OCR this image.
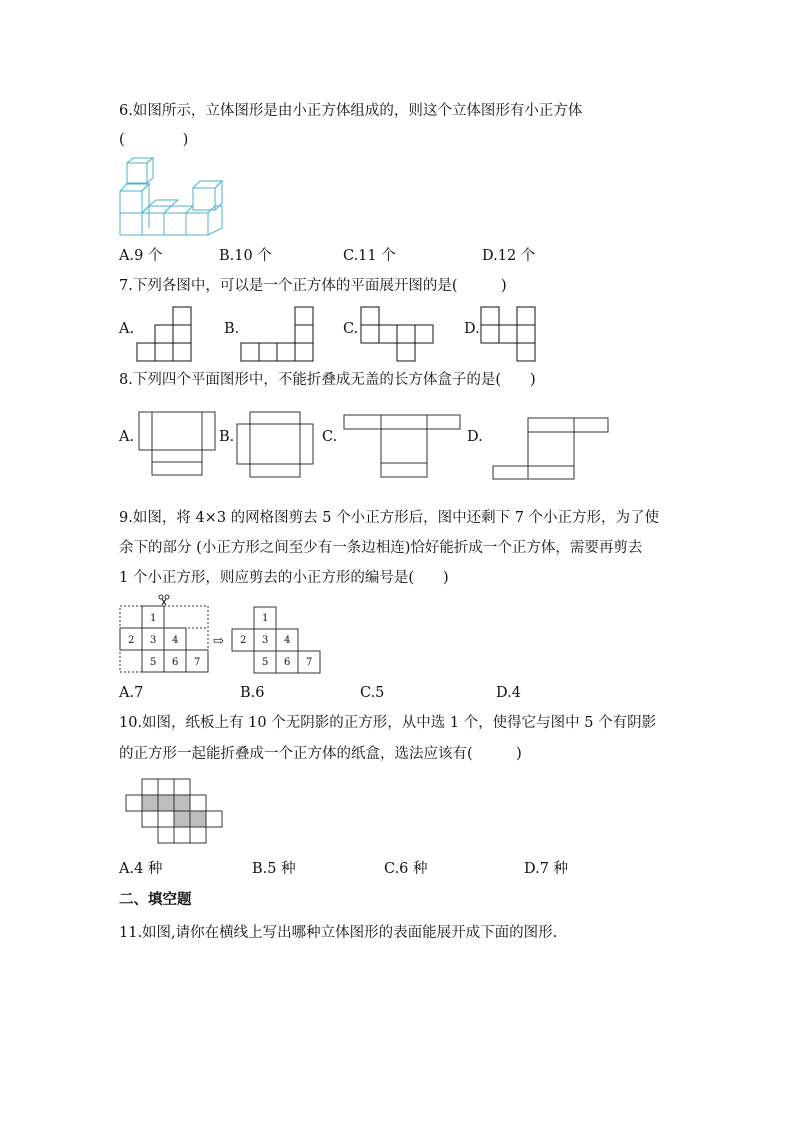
6.如图所示，立体图形是由小正方体组成的，则这个立体图形有小正方体
(　　　　)
A.9 个	B.10 个	C.11 个	D.12 个
7.下列各图中，可以是一个正方体的平面展开图的是(　　　)
A.	B.	C.	D.
8.下列四个平面图形中，不能折叠成无盖的长方体盒子的是(　　)
A.	B.	C.	D.
9.如图，将 4×3 的网格图剪去 5 个小正方形后，图中还剩下 7 个小正方形，为了使
余下的部分 (小正方形之间至少有一条边相连)恰好能折成一个正方体，需要再剪去
1 个小正方形，则应剪去的小正方形的编号是(　　)
1
2 3 4
5 6 7
⇨
1
2 3 4
5 6 7
A.7	B.6	C.5	D.4
10.如图，纸板上有 10 个无阴影的正方形，从中选 1 个，使得它与图中 5 个有阴影
的正方形一起能折叠成一个正方体的纸盒，选法应该有(　　　)
A.4 种	B.5 种	C.6 种	D.7 种
二、填空题
11.如图,请你在横线上写出哪种立体图形的表面能展开成下面的图形.
